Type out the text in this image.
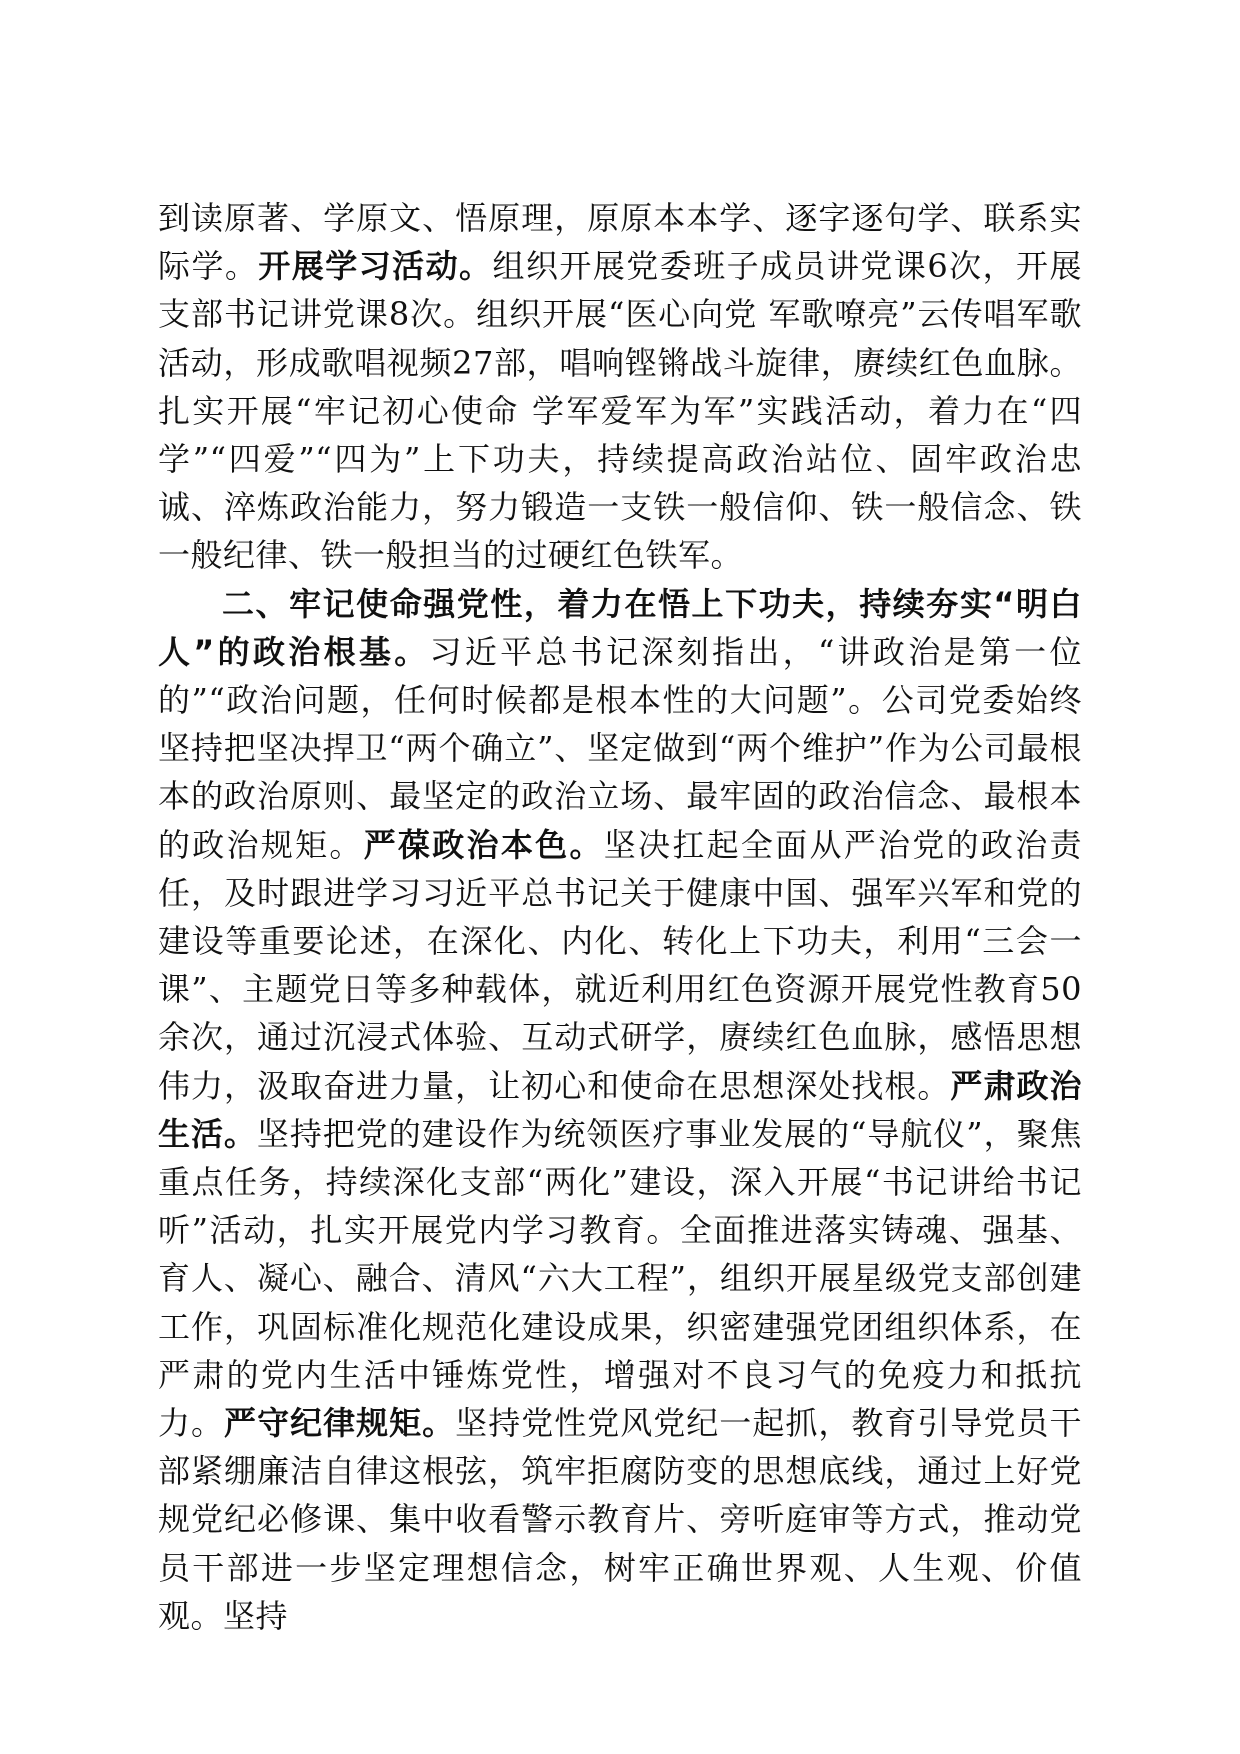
到读原著、学原文、悟原理，原原本本学、逐字逐句学、联系实际学。开展学习活动。组织开展党委班子成员讲党课6次，开展支部书记讲党课8次。组织开展“医心向党 军歌嘹亮”云传唱军歌活动，形成歌唱视频27部，唱响铿锵战斗旋律，赓续红色血脉。扎实开展“牢记初心使命 学军爱军为军”实践活动，着力在“四学”“四爱”“四为”上下功夫，持续提高政治站位、固牢政治忠诚、淬炼政治能力，努力锻造一支铁一般信仰、铁一般信念、铁一般纪律、铁一般担当的过硬红色铁军。

二、牢记使命强党性，着力在悟上下功夫，持续夯实“明白人”的政治根基。习近平总书记深刻指出，“讲政治是第一位的”“政治问题，任何时候都是根本性的大问题”。公司党委始终坚持把坚决捍卫“两个确立”、坚定做到“两个维护”作为公司最根本的政治原则、最坚定的政治立场、最牢固的政治信念、最根本的政治规矩。严葆政治本色。坚决扛起全面从严治党的政治责任，及时跟进学习习近平总书记关于健康中国、强军兴军和党的建设等重要论述，在深化、内化、转化上下功夫，利用“三会一课”、主题党日等多种载体，就近利用红色资源开展党性教育50余次，通过沉浸式体验、互动式研学，赓续红色血脉，感悟思想伟力，汲取奋进力量，让初心和使命在思想深处找根。严肃政治生活。坚持把党的建设作为统领医疗事业发展的“导航仪”，聚焦重点任务，持续深化支部“两化”建设，深入开展“书记讲给书记听”活动，扎实开展党内学习教育。全面推进落实铸魂、强基、育人、凝心、融合、清风“六大工程”，组织开展星级党支部创建工作，巩固标准化规范化建设成果，织密建强党团组织体系，在严肃的党内生活中锤炼党性，增强对不良习气的免疫力和抵抗力。严守纪律规矩。坚持党性党风党纪一起抓，教育引导党员干部紧绷廉洁自律这根弦，筑牢拒腐防变的思想底线，通过上好党规党纪必修课、集中收看警示教育片、旁听庭审等方式，推动党员干部进一步坚定理想信念，树牢正确世界观、人生观、价值观。坚持
